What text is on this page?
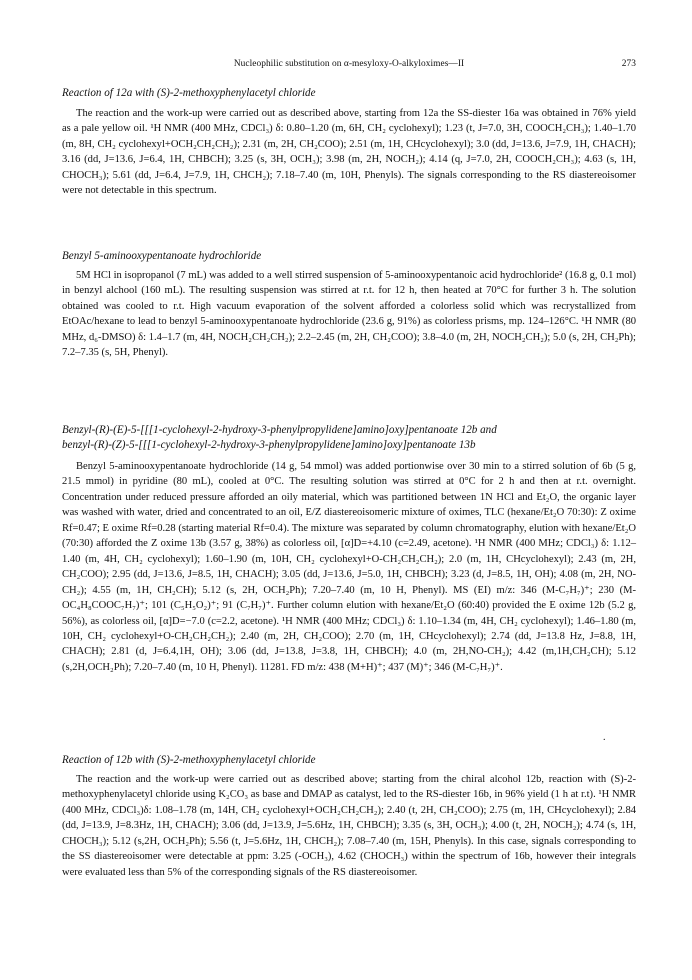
Nucleophilic substitution on α-mesyloxy-O-alkyloximes—II	273
Reaction of 12a with (S)-2-methoxyphenylacetyl chloride
The reaction and the work-up were carried out as described above, starting from 12a the SS-diester 16a was obtained in 76% yield as a pale yellow oil. ¹H NMR (400 MHz, CDCl₃) δ: 0.80–1.20 (m, 6H, CH₂ cyclohexyl); 1.23 (t, J=7.0, 3H, COOCH₂CH₃); 1.40–1.70 (m, 8H, CH₂ cyclohexyl+OCH₂CH₂CH₂); 2.31 (m, 2H, CH₂COO); 2.51 (m, 1H, CHcyclohexyl); 3.0 (dd, J=13.6, J=7.9, 1H, CHACH); 3.16 (dd, J=13.6, J=6.4, 1H, CHBCH); 3.25 (s, 3H, OCH₃); 3.98 (m, 2H, NOCH₂); 4.14 (q, J=7.0, 2H, COOCH₂CH₃); 4.63 (s, 1H, CHOCH₃); 5.61 (dd, J=6.4, J=7.9, 1H, CHCH₂); 7.18–7.40 (m, 10H, Phenyls). The signals corresponding to the RS diastereoisomer were not detectable in this spectrum.
Benzyl 5-aminooxypentanoate hydrochloride
5M HCl in isopropanol (7 mL) was added to a well stirred suspension of 5-aminooxypentanoic acid hydrochloride² (16.8 g, 0.1 mol) in benzyl alchool (160 mL). The resulting suspension was stirred at r.t. for 12 h, then heated at 70°C for further 3 h. The solution obtained was cooled to r.t. High vacuum evaporation of the solvent afforded a colorless solid which was recrystallized from EtOAc/hexane to lead to benzyl 5-aminooxypentanoate hydrochloride (23.6 g, 91%) as colorless prisms, mp. 124–126°C. ¹H NMR (80 MHz, d₆-DMSO) δ: 1.4–1.7 (m, 4H, NOCH₂CH₂CH₂); 2.2–2.45 (m, 2H, CH₂COO); 3.8–4.0 (m, 2H, NOCH₂CH₂); 5.0 (s, 2H, CH₂Ph); 7.2–7.35 (s, 5H, Phenyl).
Benzyl-(R)-(E)-5-[[[1-cyclohexyl-2-hydroxy-3-phenylpropylidene]amino]oxy]pentanoate 12b and
benzyl-(R)-(Z)-5-[[[1-cyclohexyl-2-hydroxy-3-phenylpropylidene]amino]oxy]pentanoate 13b
Benzyl 5-aminooxypentanoate hydrochloride (14 g, 54 mmol) was added portionwise over 30 min to a stirred solution of 6b (5 g, 21.5 mmol) in pyridine (80 mL), cooled at 0°C. The resulting solution was stirred at 0°C for 2 h and then at r.t. overnight. Concentration under reduced pressure afforded an oily material, which was partitioned between 1N HCl and Et₂O, the organic layer was washed with water, dried and concentrated to an oil, E/Z diastereoisomeric mixture of oximes, TLC (hexane/Et₂O 70:30): Z oxime Rf=0.47; E oxime Rf=0.28 (starting material Rf=0.4). The mixture was separated by column chromatography, elution with hexane/Et₂O (70:30) afforded the Z oxime 13b (3.57 g, 38%) as colorless oil, [α]D=+4.10 (c=2.49, acetone). ¹H NMR (400 MHz; CDCl₃) δ: 1.12–1.40 (m, 4H, CH₂ cyclohexyl); 1.60–1.90 (m, 10H, CH₂ cyclohexyl+O-CH₂CH₂CH₂); 2.0 (m, 1H, CHcyclohexyl); 2.43 (m, 2H, CH₂COO); 2.95 (dd, J=13.6, J=8.5, 1H, CHACH); 3.05 (dd, J=13.6, J=5.0, 1H, CHBCH); 3.23 (d, J=8.5, 1H, OH); 4.08 (m, 2H, NO-CH₂); 4.55 (m, 1H, CH₂CH); 5.12 (s, 2H, OCH₂Ph); 7.20–7.40 (m, 10 H, Phenyl). MS (EI) m/z: 346 (M-C₇H₇)⁺; 230 (M-OC₄H₈COOC₇H₇)⁺; 101 (C₅H₅O₂)⁺; 91 (C₇H₇)⁺. Further column elution with hexane/Et₂O (60:40) provided the E oxime 12b (5.2 g, 56%), as colorless oil, [α]D=−7.0 (c=2.2, acetone). ¹H NMR (400 MHz; CDCl₃) δ: 1.10–1.34 (m, 4H, CH₂ cyclohexyl); 1.46–1.80 (m, 10H, CH₂ cyclohexyl+O-CH₂CH₂CH₂); 2.40 (m, 2H, CH₂COO); 2.70 (m, 1H, CHcyclohexyl); 2.74 (dd, J=13.8 Hz, J=8.8, 1H, CHACH); 2.81 (d, J=6.4,1H, OH); 3.06 (dd, J=13.8, J=3.8, 1H, CHBCH); 4.0 (m, 2H,NO-CH₂); 4.42 (m,1H,CH₂CH); 5.12 (s,2H,OCH₂Ph); 7.20–7.40 (m, 10 H, Phenyl). 11281. FD m/z: 438 (M+H)⁺; 437 (M)⁺; 346 (M-C₇H₇)⁺.
Reaction of 12b with (S)-2-methoxyphenylacetyl chloride
The reaction and the work-up were carried out as described above; starting from the chiral alcohol 12b, reaction with (S)-2-methoxyphenylacetyl chloride using K₂CO₃ as base and DMAP as catalyst, led to the RS-diester 16b, in 96% yield (1 h at r.t). ¹H NMR (400 MHz, CDCl₃)δ: 1.08–1.78 (m, 14H, CH₂ cyclohexyl+OCH₂CH₂CH₂); 2.40 (t, 2H, CH₂COO); 2.75 (m, 1H, CHcyclohexyl); 2.84 (dd, J=13.9, J=8.3Hz, 1H, CHACH); 3.06 (dd, J=13.9, J=5.6Hz, 1H, CHBCH); 3.35 (s, 3H, OCH₃); 4.00 (t, 2H, NOCH₂); 4.74 (s, 1H, CHOCH₃); 5.12 (s,2H, OCH₂Ph); 5.56 (t, J=5.6Hz, 1H, CHCH₂); 7.08–7.40 (m, 15H, Phenyls). In this case, signals corresponding to the SS diastereoisomer were detectable at ppm: 3.25 (-OCH₃), 4.62 (CHOCH₃) within the spectrum of 16b, however their integrals were evaluated less than 5% of the corresponding signals of the RS diastereoisomer.
.
